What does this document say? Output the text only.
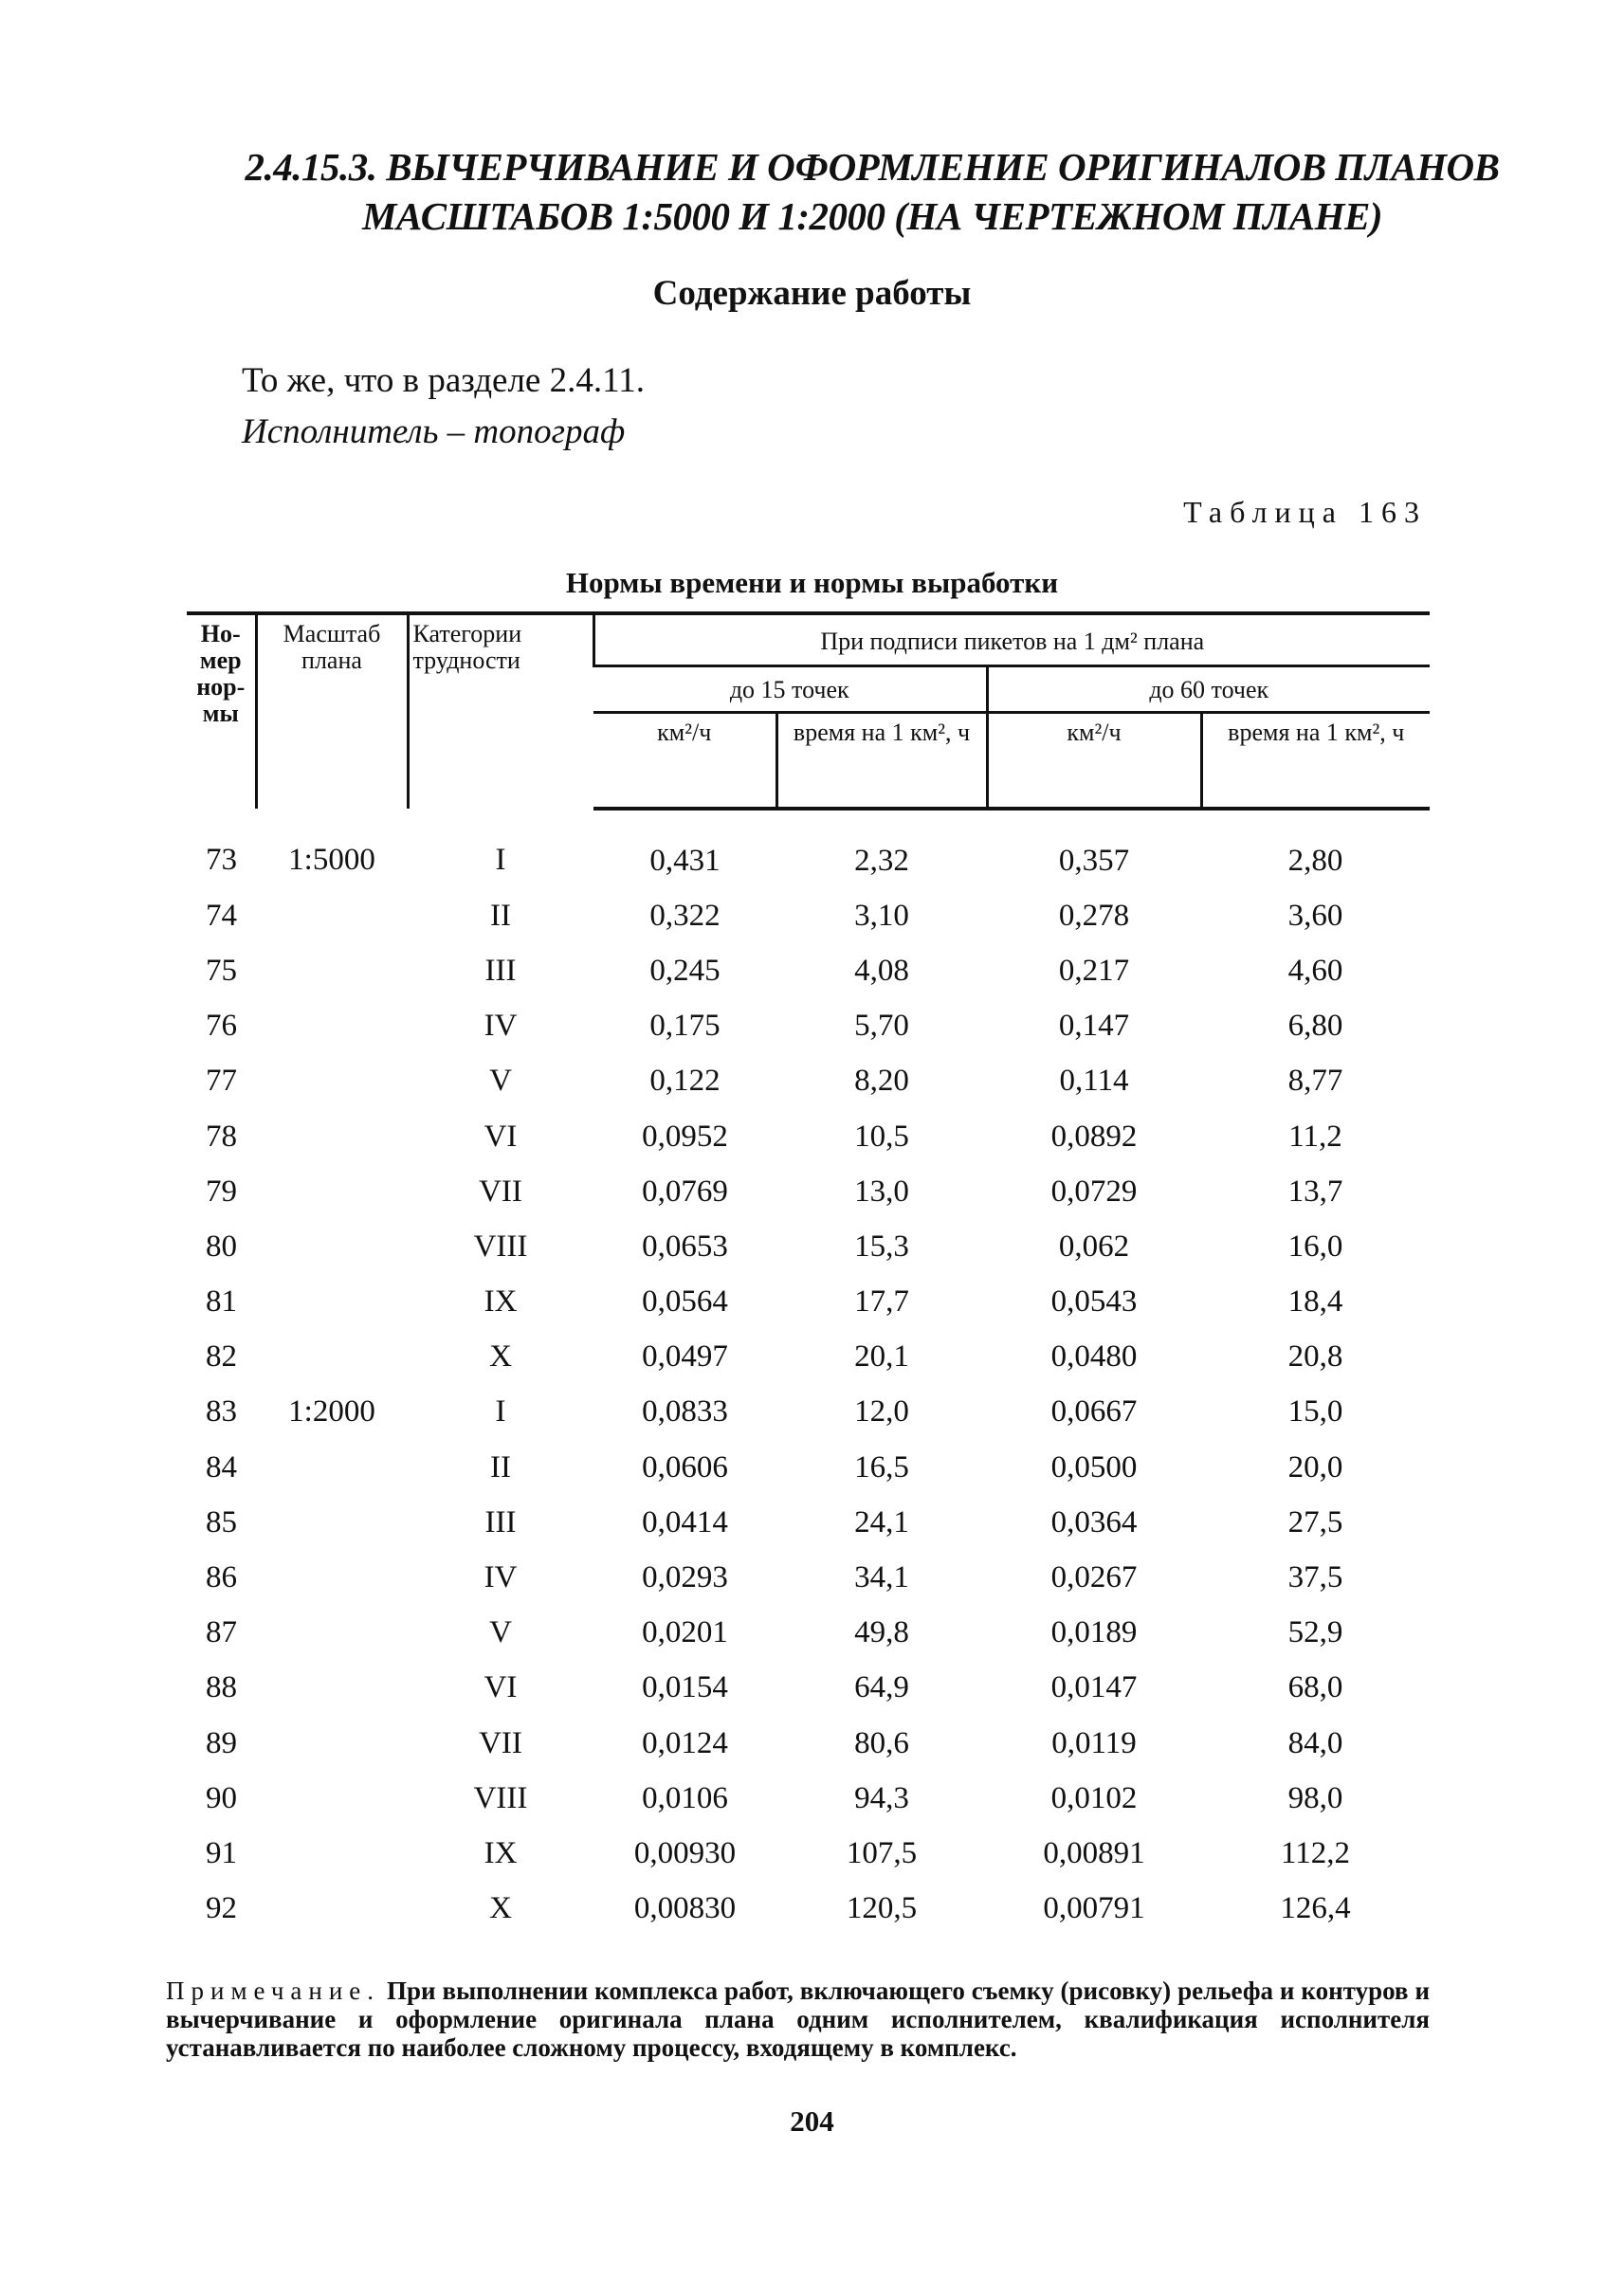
2.4.15.3. ВЫЧЕРЧИВАНИЕ И ОФОРМЛЕНИЕ ОРИГИНАЛОВ ПЛАНОВ
МАСШТАБОВ 1:5000 И 1:2000 (НА ЧЕРТЕЖНОМ ПЛАНЕ)
Содержание работы
То же, что в разделе 2.4.11.
Исполнитель – топограф
Таблица 163
Нормы времени и нормы выработки
Но- мер нор- мы	Масштаб плана	Категории трудности	При подписи пикетов на 1 дм² плана			
			до 15 точек		до 60 точек	
			км²/ч	время на 1 км², ч	км²/ч	время на 1 км², ч
73	1:5000	I	0,431	2,32	0,357	2,80
74		II	0,322	3,10	0,278	3,60
75		III	0,245	4,08	0,217	4,60
76		IV	0,175	5,70	0,147	6,80
77		V	0,122	8,20	0,114	8,77
78		VI	0,0952	10,5	0,0892	11,2
79		VII	0,0769	13,0	0,0729	13,7
80		VIII	0,0653	15,3	0,062	16,0
81		IX	0,0564	17,7	0,0543	18,4
82		X	0,0497	20,1	0,0480	20,8
83	1:2000	I	0,0833	12,0	0,0667	15,0
84		II	0,0606	16,5	0,0500	20,0
85		III	0,0414	24,1	0,0364	27,5
86		IV	0,0293	34,1	0,0267	37,5
87		V	0,0201	49,8	0,0189	52,9
88		VI	0,0154	64,9	0,0147	68,0
89		VII	0,0124	80,6	0,0119	84,0
90		VIII	0,0106	94,3	0,0102	98,0
91		IX	0,00930	107,5	0,00891	112,2
92		X	0,00830	120,5	0,00791	126,4
Примечание. При выполнении комплекса работ, включающего съемку (рисовку) рельефа и контуров и вычерчивание и оформление оригинала плана одним исполнителем, квалификация исполнителя устанавливается по наиболее сложному процессу, входящему в комплекс.
204
